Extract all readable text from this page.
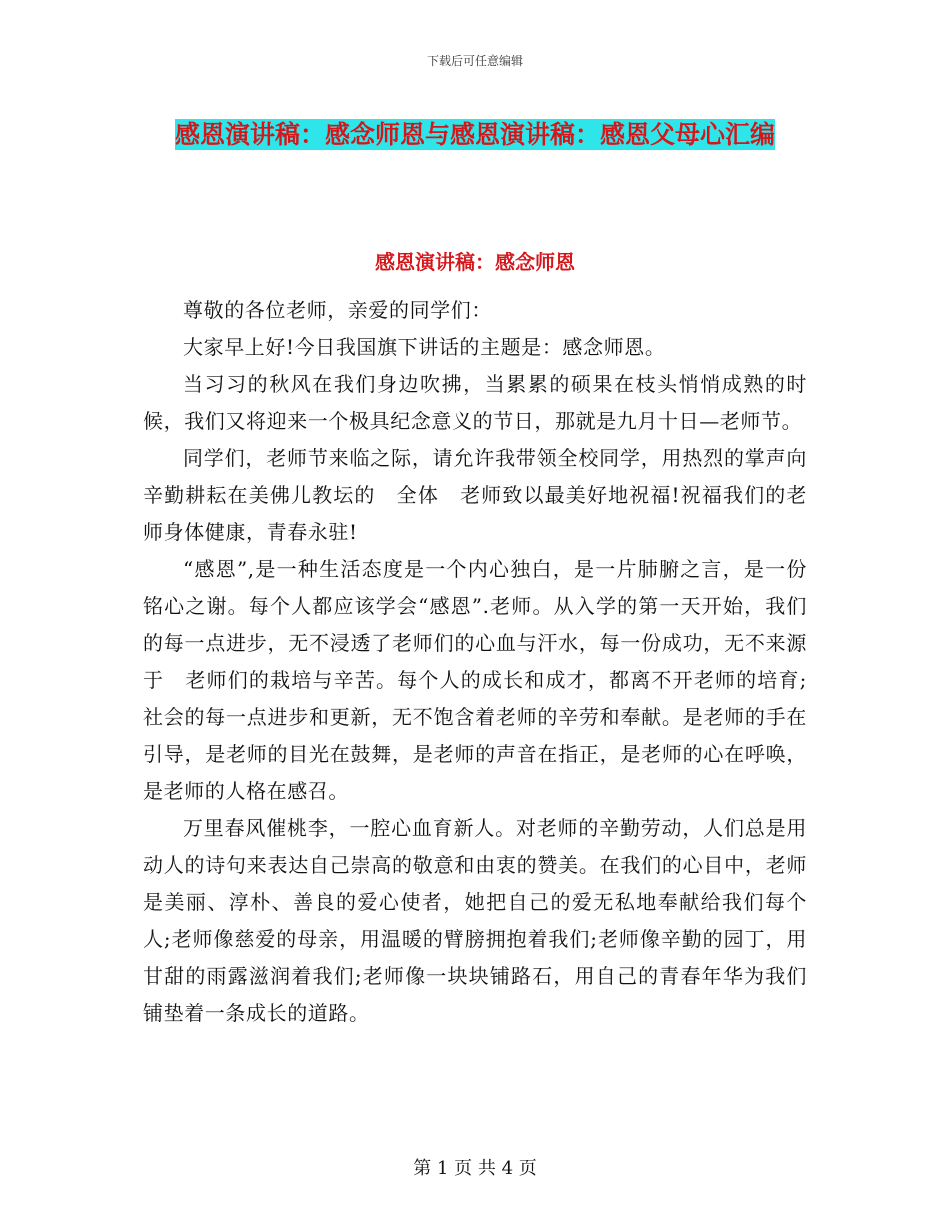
下载后可任意编辑
感恩演讲稿：感念师恩与感恩演讲稿：感恩父母心汇编
感恩演讲稿：感念师恩

尊敬的各位老师，亲爱的同学们：

大家早上好!今日我国旗下讲话的主题是：感念师恩。

当习习的秋风在我们身边吹拂，当累累的硕果在枝头悄悄成熟的时候，我们又将迎来一个极具纪念意义的节日，那就是九月十日—老师节。

同学们，老师节来临之际，请允许我带领全校同学，用热烈的掌声向辛勤耕耘在美佛儿教坛的　全体　老师致以最美好地祝福!祝福我们的老师身体健康，青春永驻!

“感恩”,是一种生活态度是一个内心独白，是一片肺腑之言，是一份铭心之谢。每个人都应该学会“感恩”.老师。从入学的第一天开始，我们的每一点进步，无不浸透了老师们的心血与汗水，每一份成功，无不来源　于　老师们的栽培与辛苦。每个人的成长和成才，都离不开老师的培育;社会的每一点进步和更新，无不饱含着老师的辛劳和奉献。是老师的手在引导，是老师的目光在鼓舞，是老师的声音在指正，是老师的心在呼唤，是老师的人格在感召。

万里春风催桃李，一腔心血育新人。对老师的辛勤劳动，人们总是用动人的诗句来表达自己崇高的敬意和由衷的赞美。在我们的心目中，老师是美丽、淳朴、善良的爱心使者，她把自己的爱无私地奉献给我们每个人;老师像慈爱的母亲，用温暖的臂膀拥抱着我们;老师像辛勤的园丁，用甘甜的雨露滋润着我们;老师像一块块铺路石，用自己的青春年华为我们铺垫着一条成长的道路。

第 1 页 共 4 页
